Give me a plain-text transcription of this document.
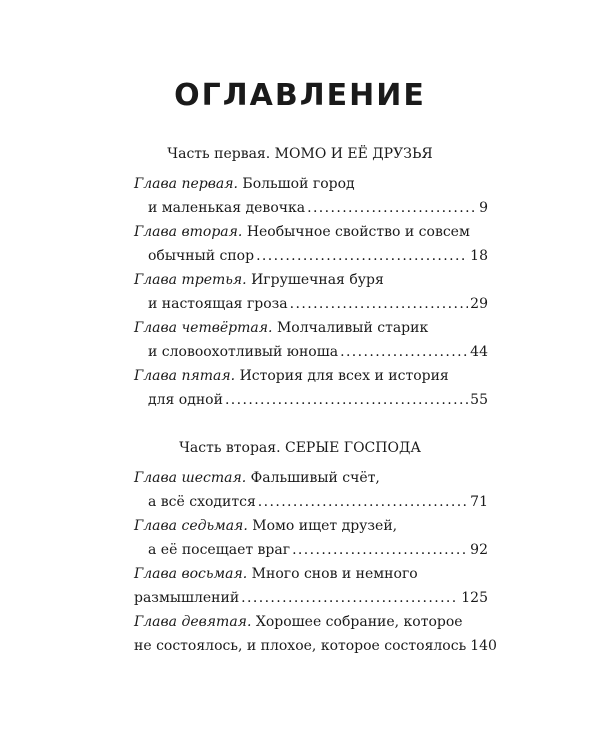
ОГЛАВЛЕНИЕ
Часть первая. МОМО И ЕЁ ДРУЗЬЯ
Глава первая. Большой город
и маленькая девочка .....	9
Глава вторая. Необычное свойство и совсем
обычный спор .....	18
Глава третья. Игрушечная буря
и настоящая гроза .....	29
Глава четвёртая. Молчаливый старик
и словоохотливый юноша .....	44
Глава пятая. История для всех и история
для одной .....	55
Часть вторая. СЕРЫЕ ГОСПОДА
Глава шестая. Фальшивый счёт,
а всё сходится .....	71
Глава седьмая. Момо ищет друзей,
а её посещает враг .....	92
Глава восьмая. Много снов и немного
размышлений .....	125
Глава девятая. Хорошее собрание, которое
не состоялось, и плохое, которое состоялось 140
